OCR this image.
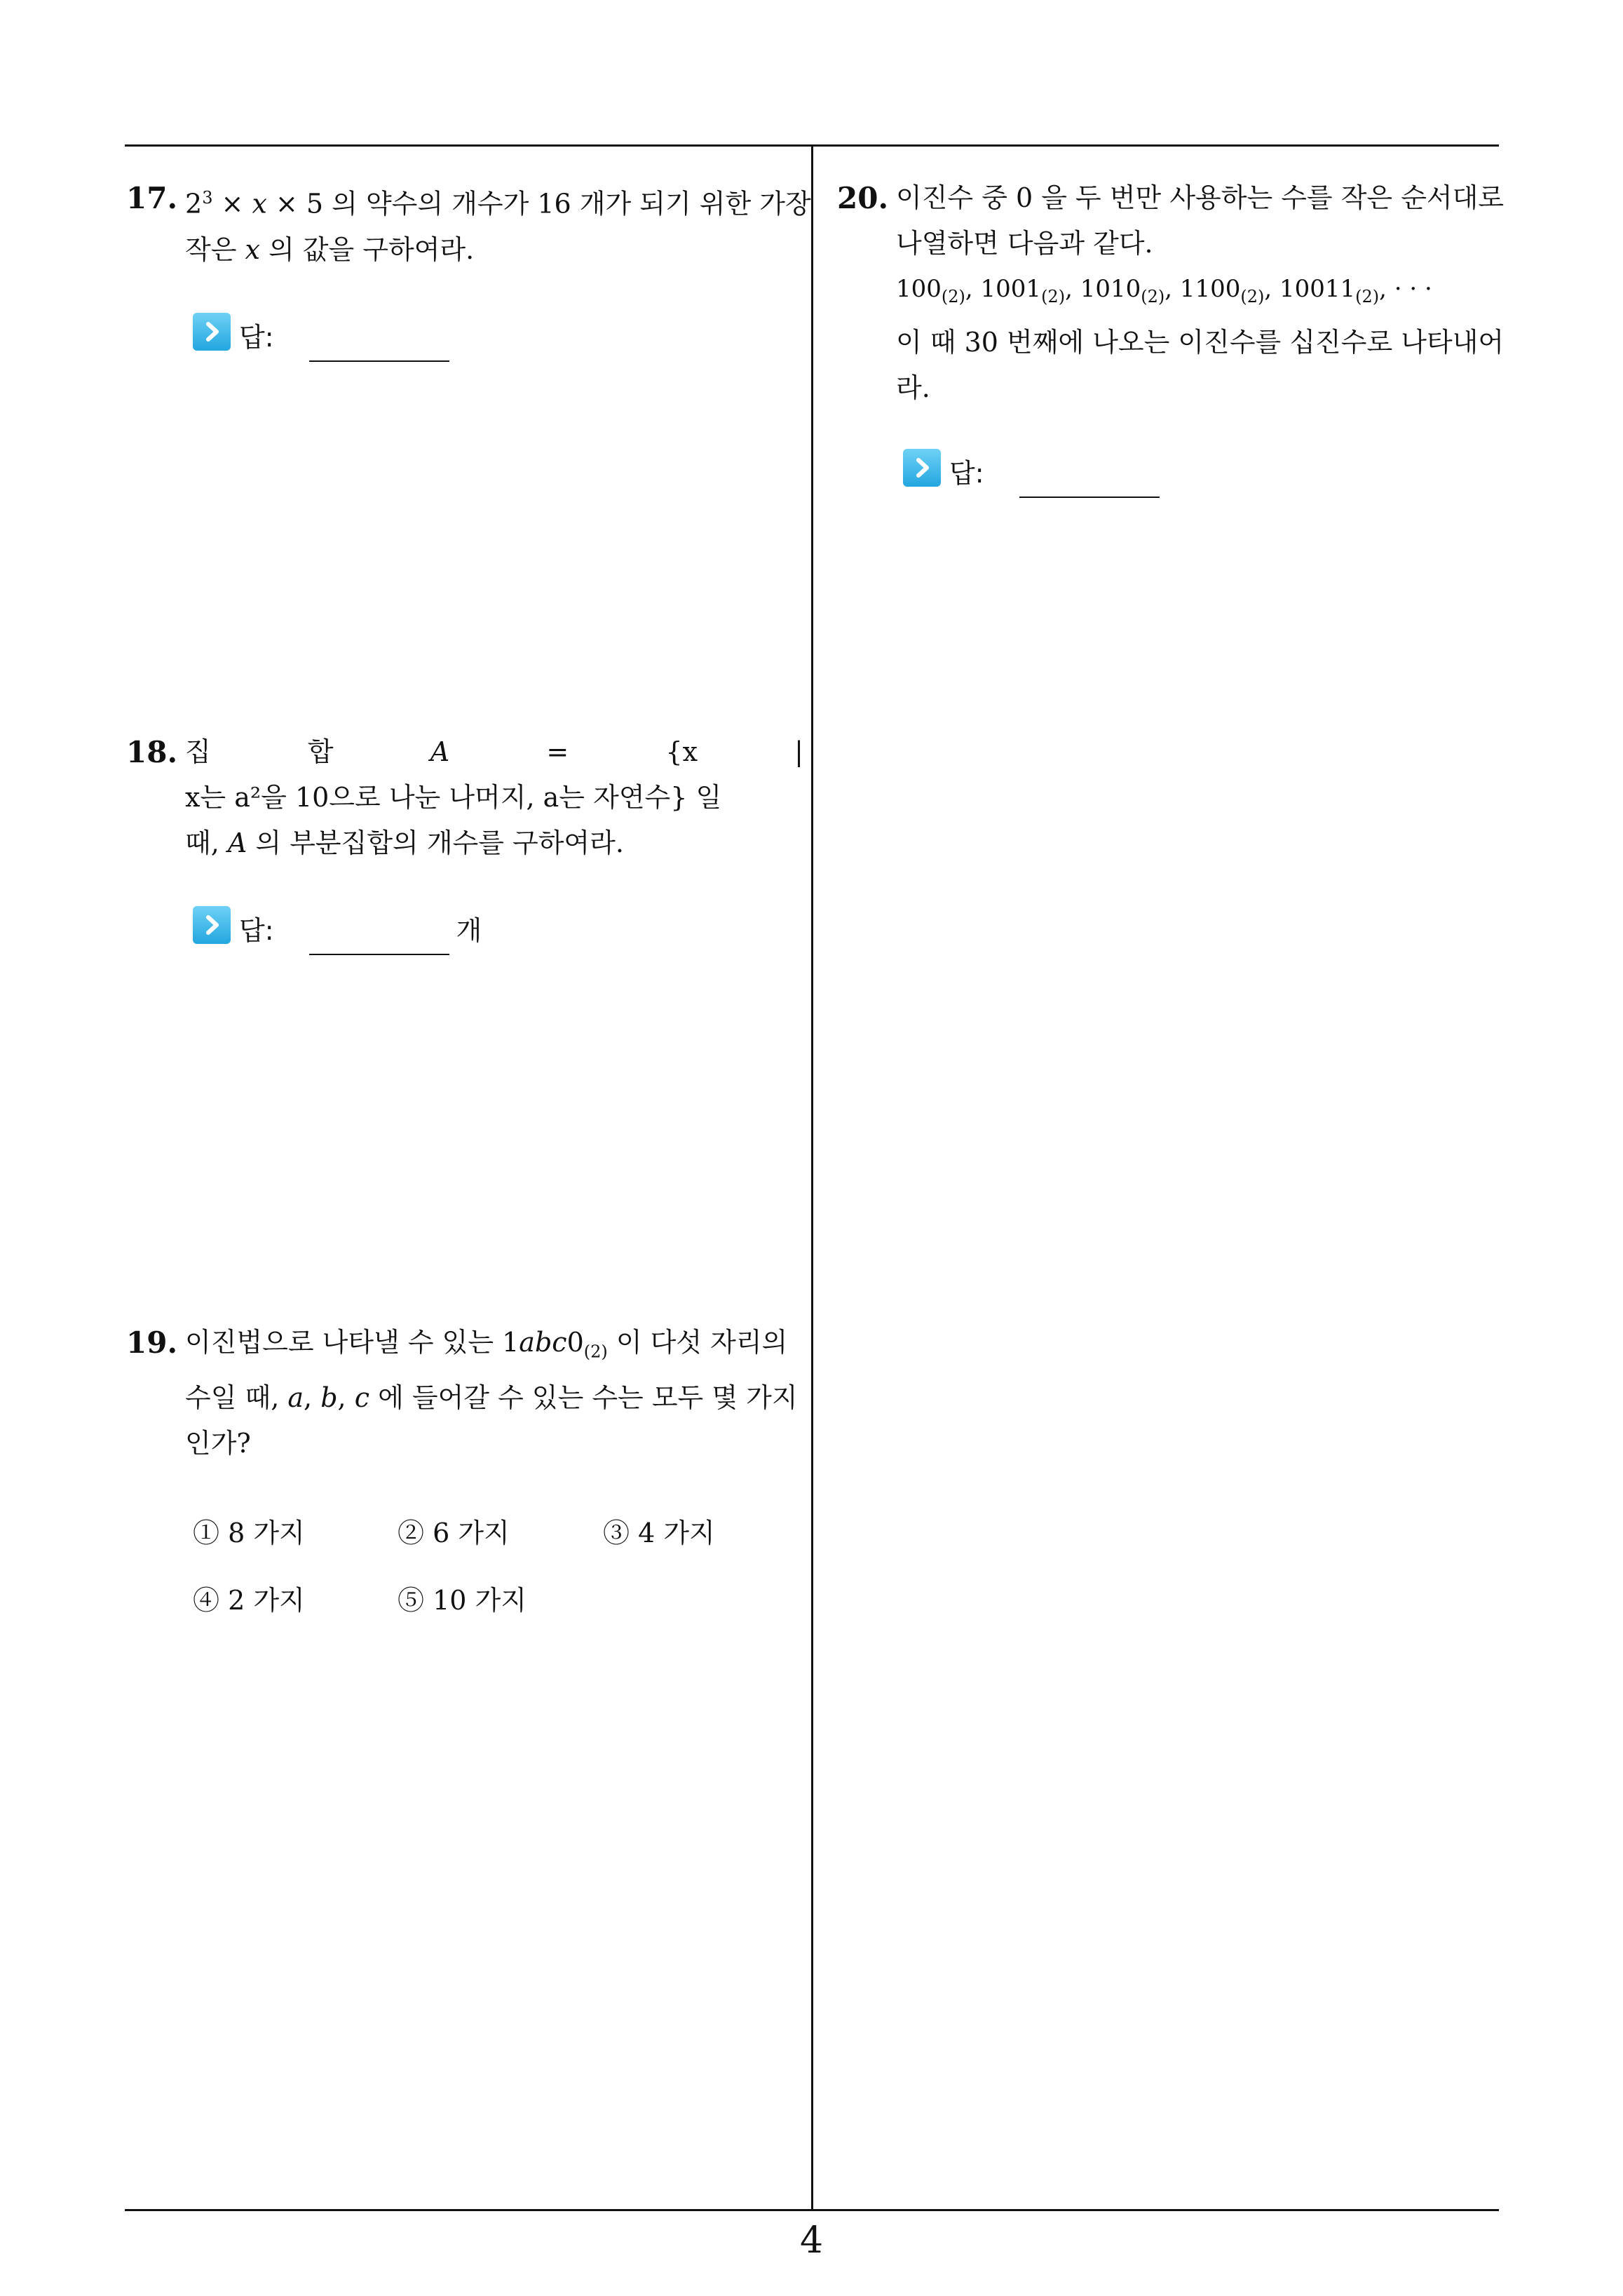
17. $2^3 \times x \times 5$ 의 약수의 개수가 16 개가 되기 위한 가장
작은 x 의 값을 구하여라.
답:
18. 집 합	A	=	{x	|
x는 a²을 10으로 나눈 나머지, a는 자연수} 일
때, A 의 부분집합의 개수를 구하여라.
답:	개
19. 이진법으로 나타낼 수 있는 $1abc0_{(2)}$ 이 다섯 자리의
수일 때, a, b, c 에 들어갈 수 있는 수는 모두 몇 가지
인가?
① 8 가지	② 6 가지	③ 4 가지
④ 2 가지	⑤ 10 가지
20. 이진수 중 0 을 두 번만 사용하는 수를 작은 순서대로
나열하면 다음과 같다.
$100_{(2)}$, $1001_{(2)}$, $1010_{(2)}$, $1100_{(2)}$, $10011_{(2)}$, · · ·
이 때 30 번째에 나오는 이진수를 십진수로 나타내어
라.
답:
4
